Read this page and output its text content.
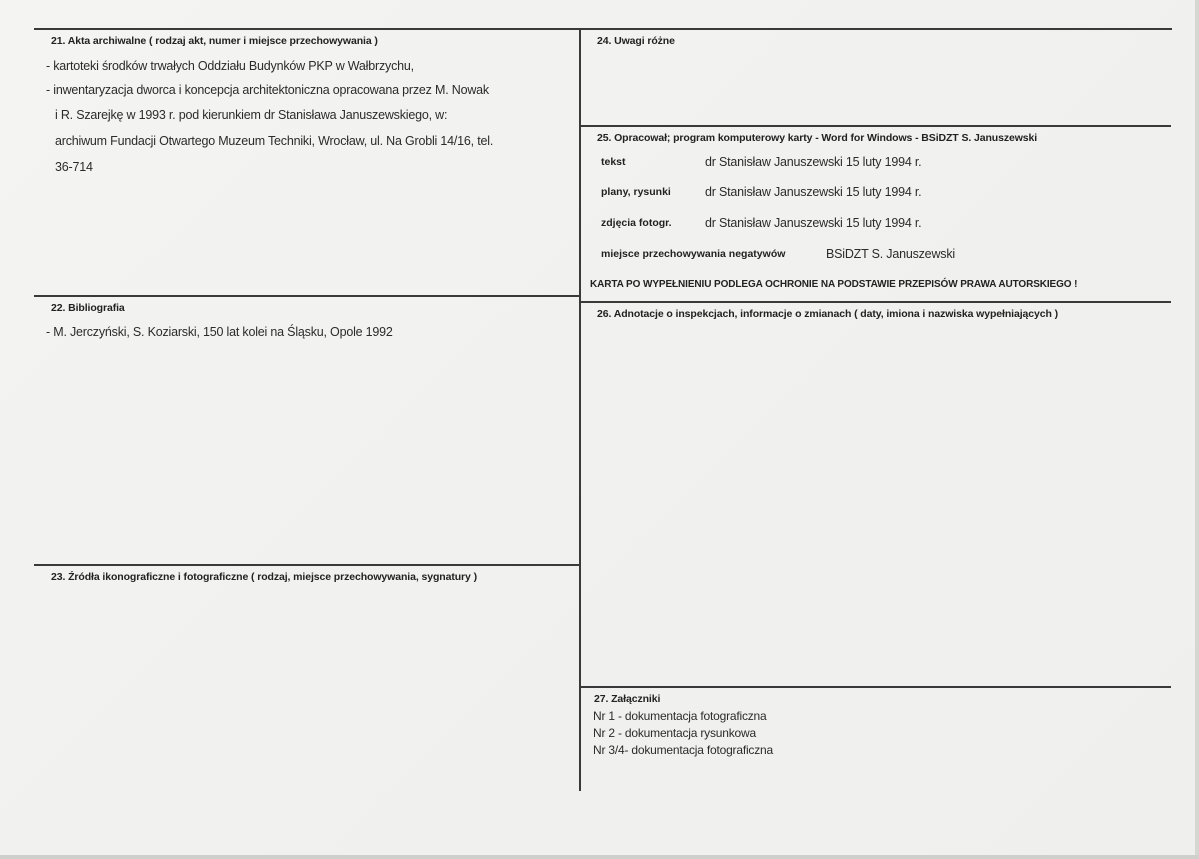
21. Akta archiwalne ( rodzaj akt, numer i miejsce przechowywania )
- kartoteki środków trwałych Oddziału Budynków PKP w Wałbrzychu,
- inwentaryzacja dworca i koncepcja architektoniczna opracowana przez M. Nowak
i R. Szarejkę w 1993 r. pod kierunkiem dr Stanisława Januszewskiego, w:
archiwum Fundacji Otwartego Muzeum Techniki, Wrocław, ul. Na Grobli 14/16, tel.
36-714
22. Bibliografia
- M. Jerczyński, S. Koziarski, 150 lat kolei na Śląsku, Opole 1992
23. Źródła ikonograficzne i fotograficzne ( rodzaj, miejsce przechowywania, sygnatury )
24. Uwagi różne
25. Opracował; program komputerowy karty - Word for Windows - BSiDZT S. Januszewski
tekst	dr Stanisław Januszewski 15 luty 1994 r.
plany, rysunki	dr Stanisław Januszewski 15 luty 1994 r.
zdjęcia fotogr.	dr Stanisław Januszewski 15 luty 1994 r.
miejsce przechowywania negatywów	BSiDZT S. Januszewski
KARTA PO WYPEŁNIENIU PODLEGA OCHRONIE NA PODSTAWIE PRZEPISÓW PRAWA AUTORSKIEGO !
26. Adnotacje o inspekcjach, informacje o zmianach ( daty, imiona i nazwiska wypełniających )
27. Załączniki
Nr 1 - dokumentacja fotograficzna
Nr 2 - dokumentacja rysunkowa
Nr 3/4- dokumentacja fotograficzna
